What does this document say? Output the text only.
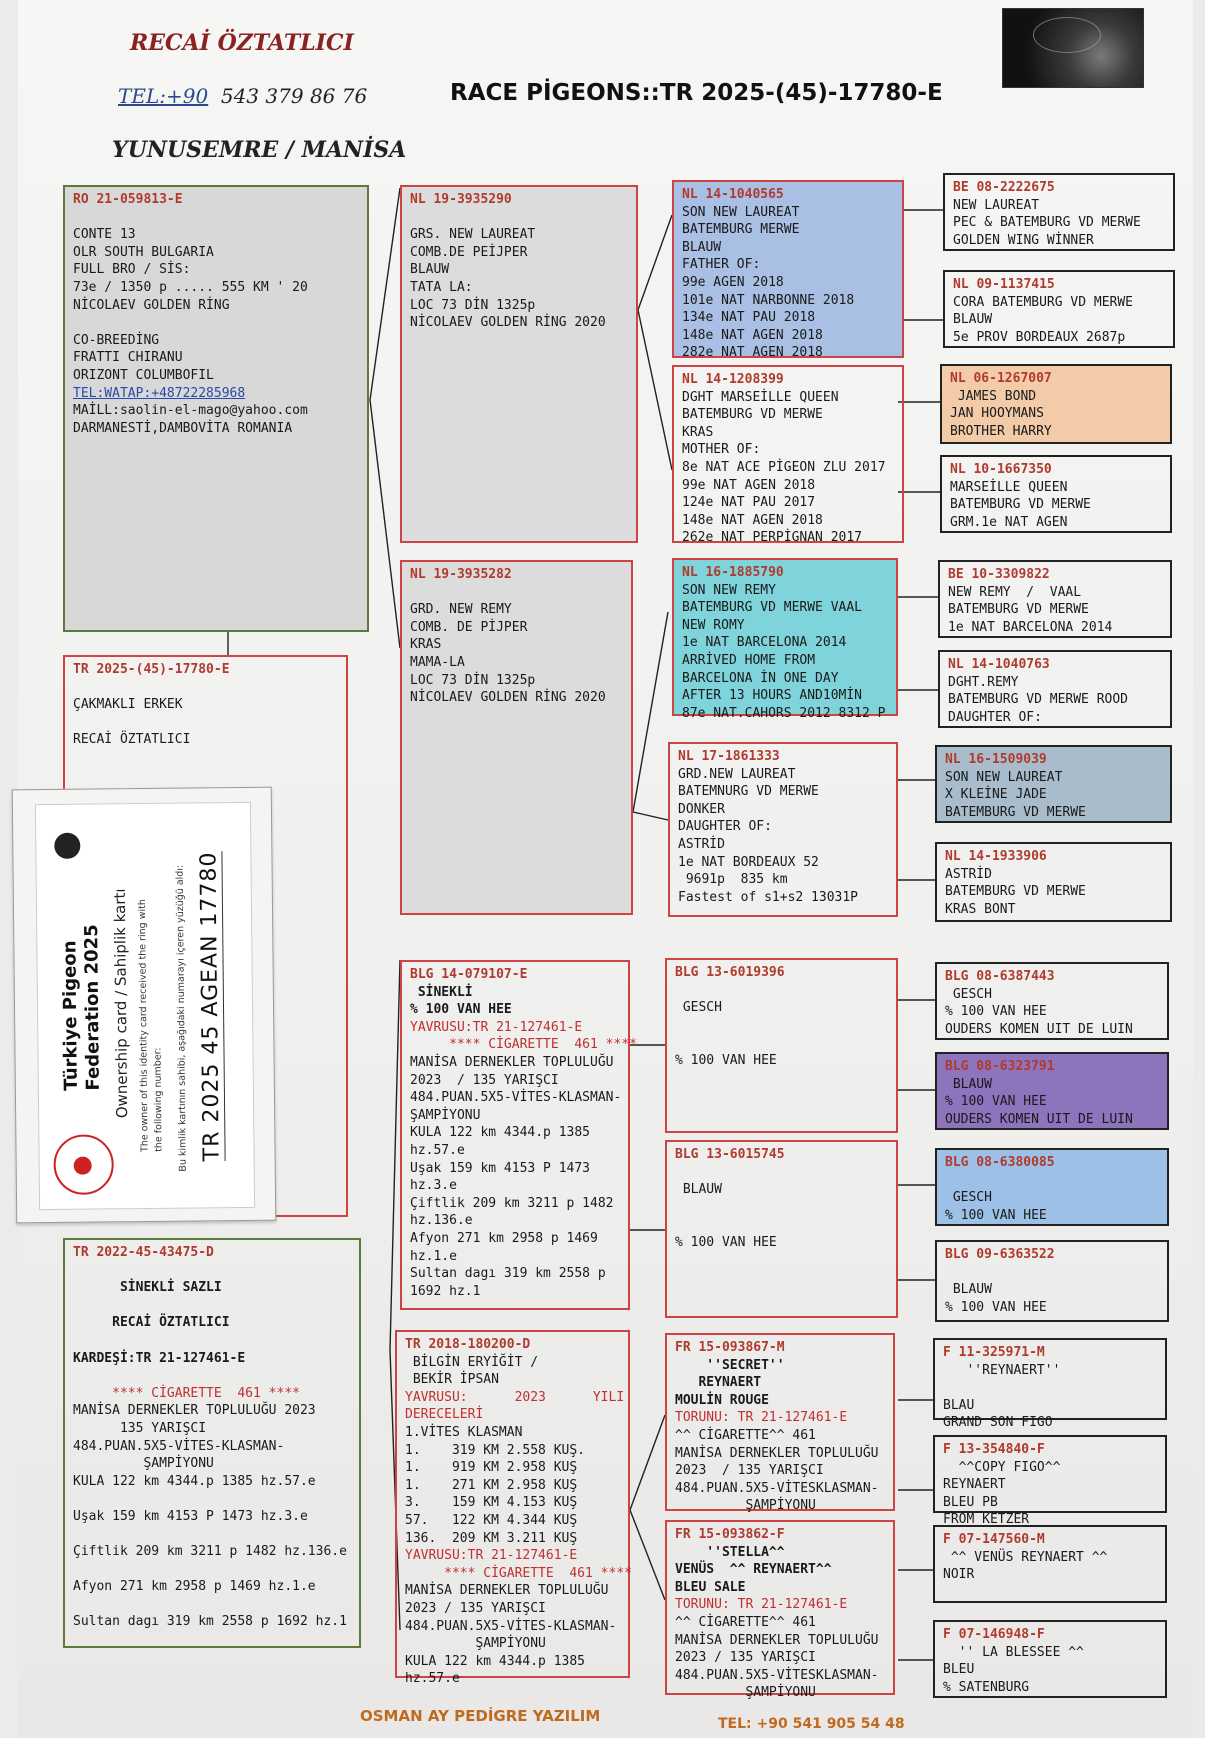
RECAİ ÖZTATLICI
TEL:+90 543 379 86 76
YUNUSEMRE / MANİSA
RACE PİGEONS::TR 2025-(45)-17780-E
RO 21-059813-E

CONTE 13
OLR SOUTH BULGARIA
FULL BRO / SİS:
73e / 1350 p ..... 555 KM ' 20
NİCOLAEV GOLDEN RİNG

CO-BREEDİNG
FRATTI CHIRANU
ORIZONT COLUMBOFIL
TEL:WATAP:+48722285968
MAİLL:saolin-el-mago@yahoo.com
DARMANESTİ,DAMBOVİTA ROMANIA
TR 2025-(45)-17780-E

ÇAKMAKLI ERKEK

RECAİ ÖZTATLICI
TR 2022-45-43475-D

SİNEKLİ SAZLI

RECAİ ÖZTATLICI

KARDEŞİ:TR 21-127461-E

**** CİGARETTE  461 ****
MANİSA DERNEKLER TOPLULUĞU 2023
135 YARIŞCI
484.PUAN.5X5-VİTES-KLASMAN-
ŞAMPİYONU
KULA 122 km 4344.p 1385 hz.57.e

Uşak 159 km 4153 P 1473 hz.3.e

Çiftlik 209 km 3211 p 1482 hz.136.e

Afyon 271 km 2958 p 1469 hz.1.e

Sultan dagı 319 km 2558 p 1692 hz.1
NL 19-3935290

GRS. NEW LAUREAT
COMB.DE PEİJPER
BLAUW
TATA LA:
LOC 73 DİN 1325p
NİCOLAEV GOLDEN RİNG 2020
NL 19-3935282

GRD. NEW REMY
COMB. DE PİJPER
KRAS
MAMA-LA
LOC 73 DİN 1325p
NİCOLAEV GOLDEN RİNG 2020
BLG 14-079107-E
SİNEKLİ
% 100 VAN HEE
YAVRUSU:TR 21-127461-E
**** CİGARETTE  461 ****
MANİSA DERNEKLER TOPLULUĞU
2023  / 135 YARIŞCI
484.PUAN.5X5-VİTES-KLASMAN-
ŞAMPİYONU
KULA 122 km 4344.p 1385
hz.57.e
Uşak 159 km 4153 P 1473
hz.3.e
Çiftlik 209 km 3211 p 1482
hz.136.e
Afyon 271 km 2958 p 1469
hz.1.e
Sultan dagı 319 km 2558 p
1692 hz.1
TR 2018-180200-D
BİLGİN ERYİĞİT /
BEKİR İPSAN
YAVRUSU:      2023      YILI
DERECELERİ
1.VİTES KLASMAN
1.    319 KM 2.558 KUŞ.
1.    919 KM 2.958 KUŞ
1.    271 KM 2.958 KUŞ
3.    159 KM 4.153 KUŞ
57.   122 KM 4.344 KUŞ
136.  209 KM 3.211 KUŞ
YAVRUSU:TR 21-127461-E
**** CİGARETTE  461 ****
MANİSA DERNEKLER TOPLULUĞU
2023 / 135 YARIŞCI
484.PUAN.5X5-VİTES-KLASMAN-
ŞAMPİYONU
KULA 122 km 4344.p 1385
hz.57.e
NL 14-1040565
SON NEW LAUREAT
BATEMBURG MERWE
BLAUW
FATHER OF:
99e AGEN 2018
101e NAT NARBONNE 2018
134e NAT PAU 2018
148e NAT AGEN 2018
282e NAT AGEN 2018
NL 14-1208399
DGHT MARSEİLLE QUEEN
BATEMBURG VD MERWE
KRAS
MOTHER OF:
8e NAT ACE PİGEON ZLU 2017
99e NAT AGEN 2018
124e NAT PAU 2017
148e NAT AGEN 2018
262e NAT PERPİGNAN 2017
NL 16-1885790
SON NEW REMY
BATEMBURG VD MERWE VAAL
NEW ROMY
1e NAT BARCELONA 2014
ARRİVED HOME FROM
BARCELONA İN ONE DAY
AFTER 13 HOURS AND10MİN
87e NAT.CAHORS 2012 8312 P
NL 17-1861333
GRD.NEW LAUREAT
BATEMNURG VD MERWE
DONKER
DAUGHTER OF:
ASTRİD
1e NAT BORDEAUX 52
9691p  835 km
Fastest of s1+s2 13031P
BLG 13-6019396

GESCH

% 100 VAN HEE
BLG 13-6015745

BLAUW

% 100 VAN HEE
FR 15-093867-M
''SECRET''
REYNAERT
MOULİN ROUGE
TORUNU: TR 21-127461-E
^^ CİGARETTE^^ 461
MANİSA DERNEKLER TOPLULUĞU
2023  / 135 YARIŞCI
484.PUAN.5X5-VİTESKLASMAN-
ŞAMPİYONU
FR 15-093862-F
''STELLA^^
VENÜS  ^^ REYNAERT^^
BLEU SALE
TORUNU: TR 21-127461-E
^^ CİGARETTE^^ 461
MANİSA DERNEKLER TOPLULUĞU
2023 / 135 YARIŞCI
484.PUAN.5X5-VİTESKLASMAN-
ŞAMPİYONU
BE 08-2222675
NEW LAUREAT
PEC & BATEMBURG VD MERWE
GOLDEN WING WİNNER
NL 09-1137415
CORA BATEMBURG VD MERWE
BLAUW
5e PROV BORDEAUX 2687p
NL 06-1267007
JAMES BOND
JAN HOOYMANS
BROTHER HARRY
NL 10-1667350
MARSEİLLE QUEEN
BATEMBURG VD MERWE
GRM.1e NAT AGEN
BE 10-3309822
NEW REMY  /  VAAL
BATEMBURG VD MERWE
1e NAT BARCELONA 2014
NL 14-1040763
DGHT.REMY
BATEMBURG VD MERWE ROOD
DAUGHTER OF:
NL 16-1509039
SON NEW LAUREAT
X KLEİNE JADE
BATEMBURG VD MERWE
NL 14-1933906
ASTRİD
BATEMBURG VD MERWE
KRAS BONT
BLG 08-6387443
GESCH
% 100 VAN HEE
OUDERS KOMEN UIT DE LUIN
BLG 08-6323791
BLAUW
% 100 VAN HEE
OUDERS KOMEN UIT DE LUIN
BLG 08-6380085

GESCH
% 100 VAN HEE
BLG 09-6363522

BLAUW
% 100 VAN HEE
F 11-325971-M
''REYNAERT''

BLAU
GRAND SON FIGO
F 13-354840-F
^^COPY FIGO^^
REYNAERT
BLEU PB
FROM KETZER
F 07-147560-M
^^ VENÜS REYNAERT ^^
NOIR
F 07-146948-F
'' LA BLESSEE ^^
BLEU
% SATENBURG
Türkiye Pigeon
Federation 2025 Ownership card / Sahiplik kartı The owner of this identity card received the ring with the following number: Bu kimlik kartının sahibi, aşağıdaki numarayı içeren yüzüğü aldı: TR 2025 45 AGEAN 17780
OSMAN AY PEDİGRE YAZILIM	TEL: +90 541 905 54 48
